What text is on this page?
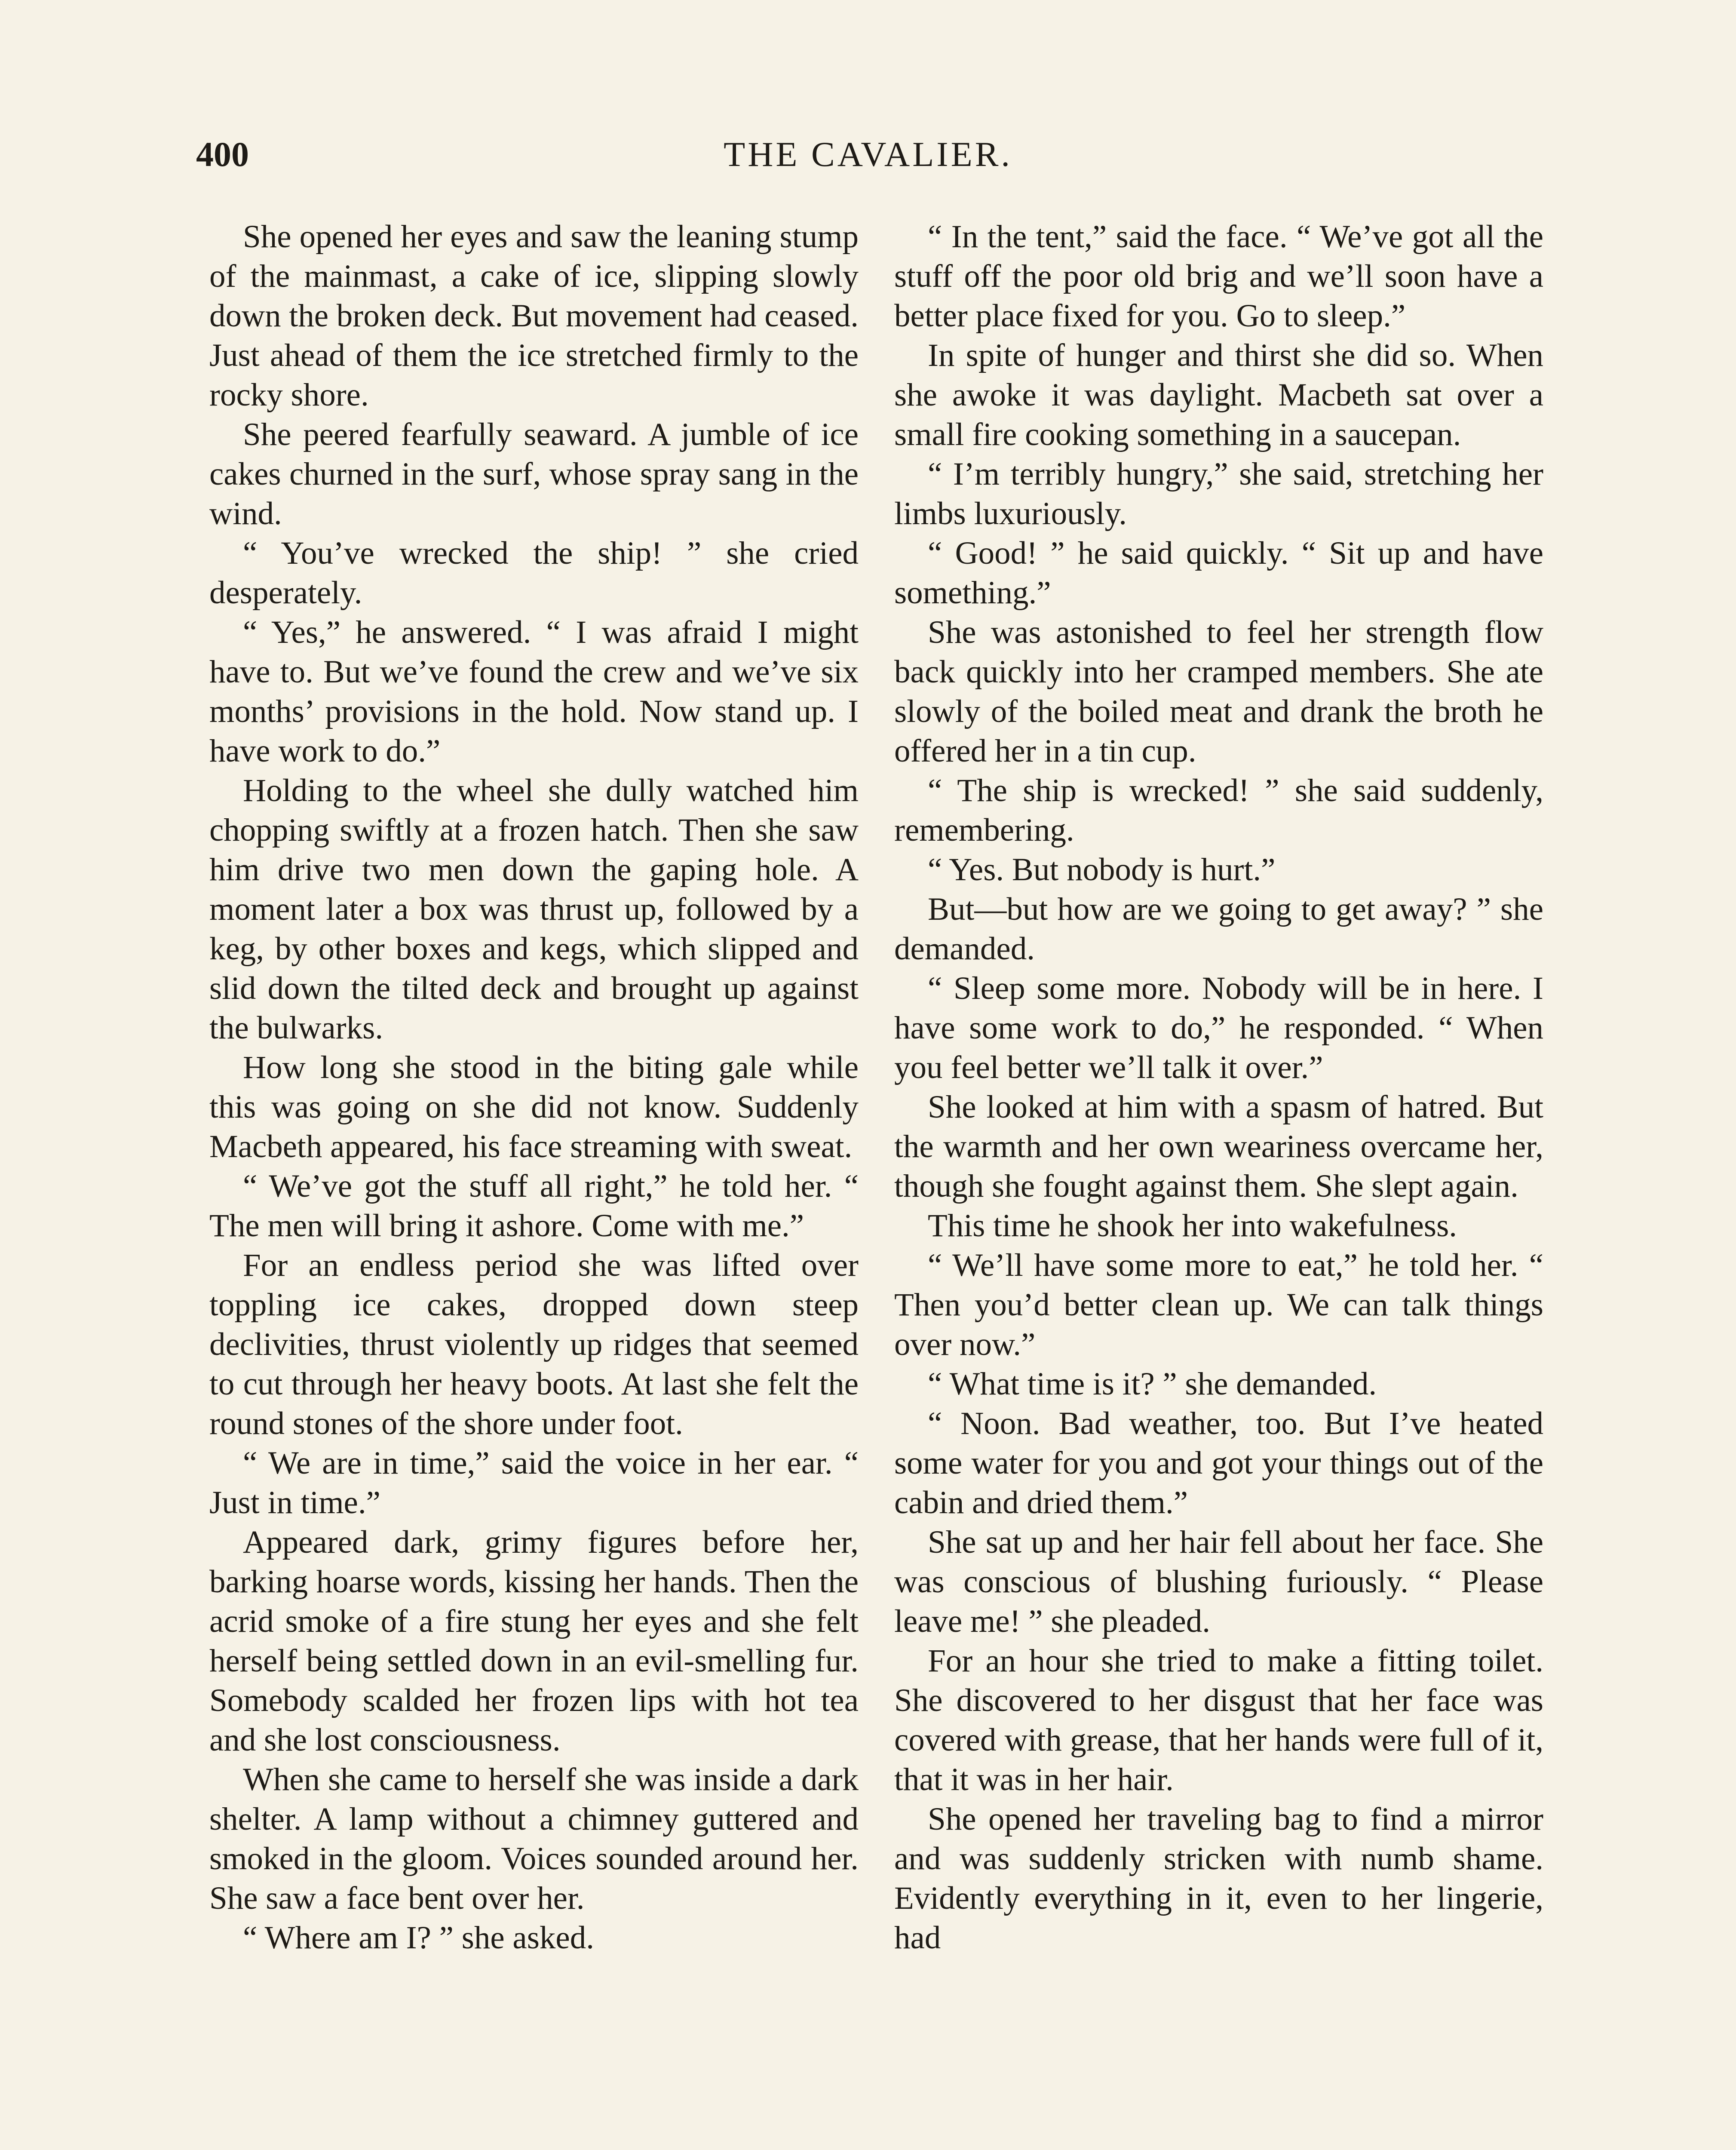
400	THE CAVALIER.

She opened her eyes and saw the leaning stump of the mainmast, a cake of ice, slipping slowly down the broken deck. But movement had ceased. Just ahead of them the ice stretched firmly to the rocky shore.

She peered fearfully seaward. A jumble of ice cakes churned in the surf, whose spray sang in the wind.

“ You’ve wrecked the ship! ” she cried desperately.

“ Yes,” he answered. “ I was afraid I might have to. But we’ve found the crew and we’ve six months’ provisions in the hold. Now stand up. I have work to do.”

Holding to the wheel she dully watched him chopping swiftly at a frozen hatch. Then she saw him drive two men down the gaping hole. A moment later a box was thrust up, followed by a keg, by other boxes and kegs, which slipped and slid down the tilted deck and brought up against the bulwarks.

How long she stood in the biting gale while this was going on she did not know. Suddenly Macbeth appeared, his face streaming with sweat.

“ We’ve got the stuff all right,” he told her. “ The men will bring it ashore. Come with me.”

For an endless period she was lifted over toppling ice cakes, dropped down steep declivities, thrust violently up ridges that seemed to cut through her heavy boots. At last she felt the round stones of the shore under foot.

“ We are in time,” said the voice in her ear. “ Just in time.”

Appeared dark, grimy figures before her, barking hoarse words, kissing her hands. Then the acrid smoke of a fire stung her eyes and she felt herself being settled down in an evil-smelling fur. Somebody scalded her frozen lips with hot tea and she lost consciousness.

When she came to herself she was inside a dark shelter. A lamp without a chimney guttered and smoked in the gloom. Voices sounded around her. She saw a face bent over her.

“ Where am I? ” she asked.

“ In the tent,” said the face. “ We’ve got all the stuff off the poor old brig and we’ll soon have a better place fixed for you. Go to sleep.”

In spite of hunger and thirst she did so. When she awoke it was daylight. Macbeth sat over a small fire cooking something in a saucepan.

“ I’m terribly hungry,” she said, stretching her limbs luxuriously.

“ Good! ” he said quickly. “ Sit up and have something.”

She was astonished to feel her strength flow back quickly into her cramped members. She ate slowly of the boiled meat and drank the broth he offered her in a tin cup.

“ The ship is wrecked! ” she said suddenly, remembering.

“ Yes. But nobody is hurt.”

But—but how are we going to get away? ” she demanded.

“ Sleep some more. Nobody will be in here. I have some work to do,” he responded. “ When you feel better we’ll talk it over.”

She looked at him with a spasm of hatred. But the warmth and her own weariness overcame her, though she fought against them. She slept again.

This time he shook her into wakefulness.

“ We’ll have some more to eat,” he told her. “ Then you’d better clean up. We can talk things over now.”

“ What time is it? ” she demanded.

“ Noon. Bad weather, too. But I’ve heated some water for you and got your things out of the cabin and dried them.”

She sat up and her hair fell about her face. She was conscious of blushing furiously. “ Please leave me! ” she pleaded.

For an hour she tried to make a fitting toilet. She discovered to her disgust that her face was covered with grease, that her hands were full of it, that it was in her hair.

She opened her traveling bag to find a mirror and was suddenly stricken with numb shame. Evidently everything in it, even to her lingerie, had
